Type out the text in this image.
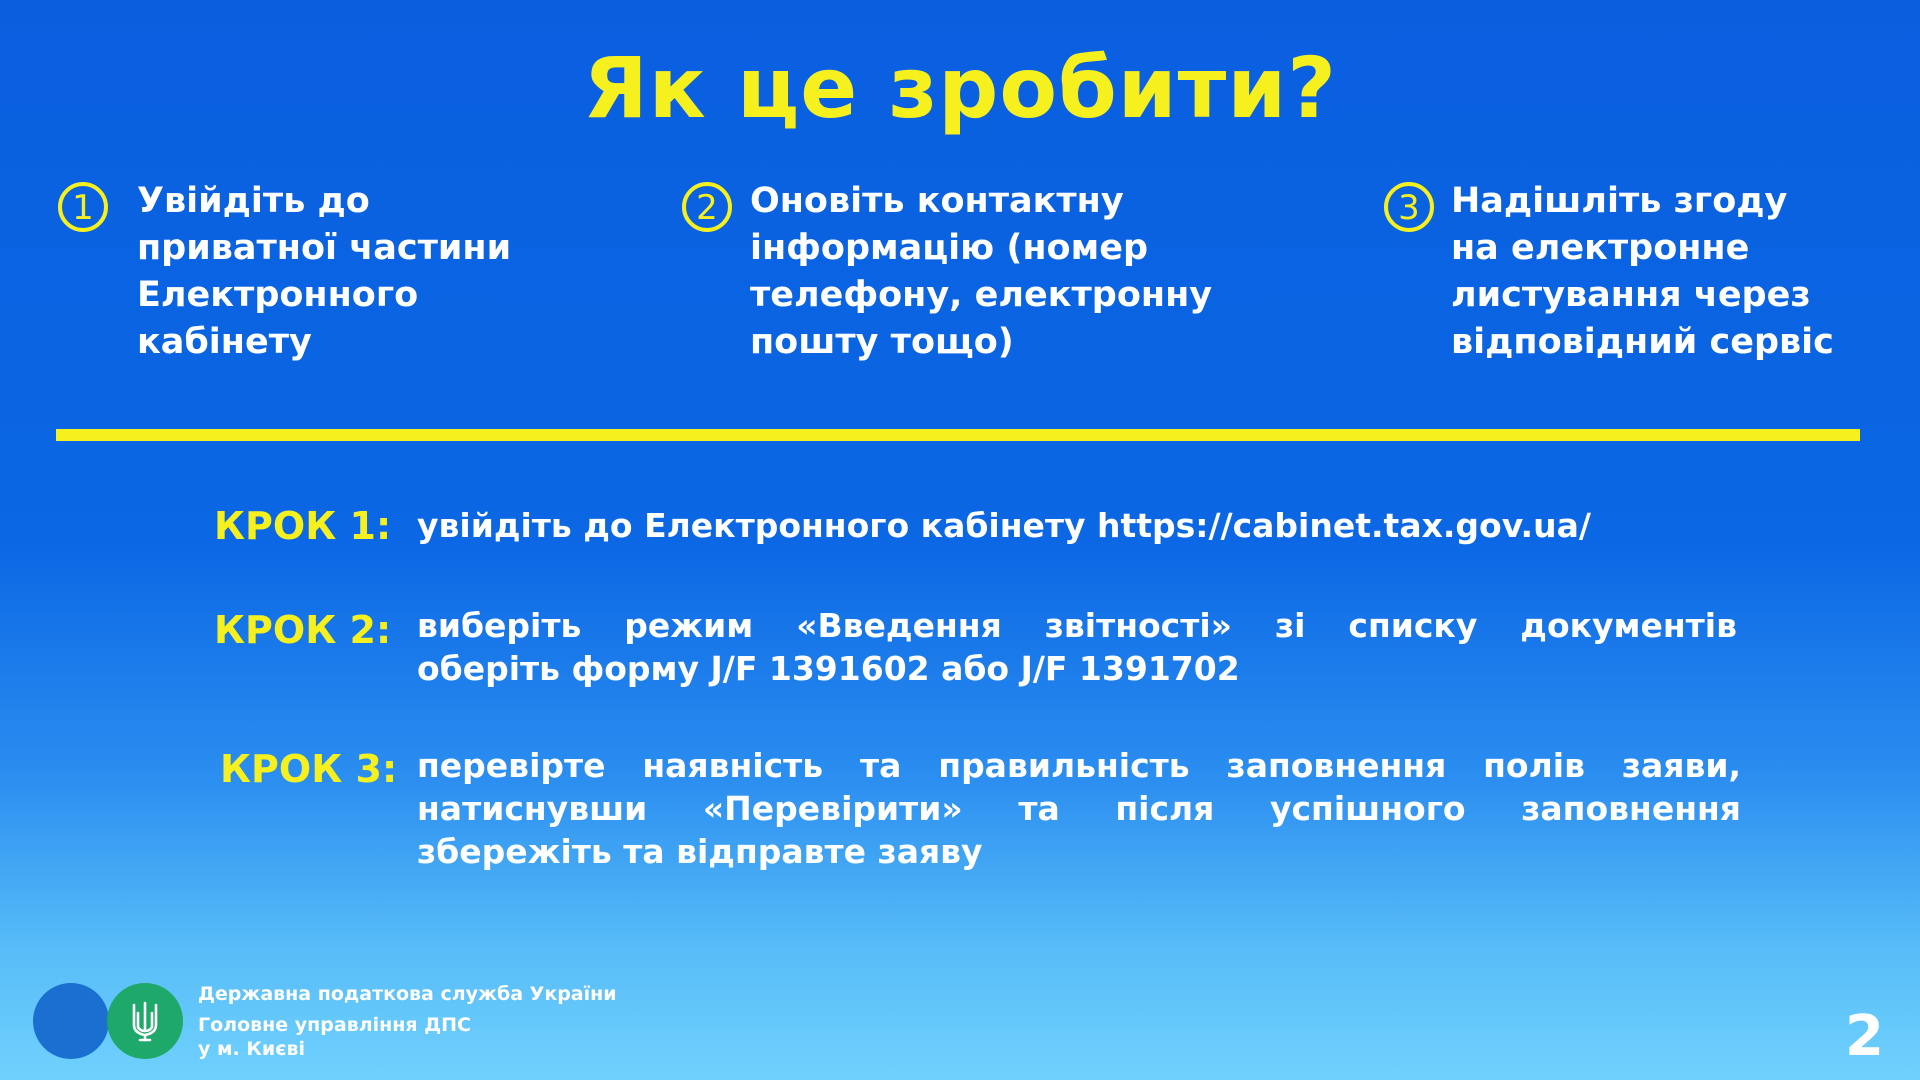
Як це зробити?
1	Увійдіть до
приватної частини
Електронного
кабінету
2 Оновіть контактну
інформацію (номер
телефону, електронну
пошту тощо)
3 Надішліть згоду
на електронне
листування через
відповідний сервіс
КРОК 1: увійдіть до Електронного кабінету https://cabinet.tax.gov.ua/
КРОК 2: виберіть режим «Введення звітності» зі списку документів
оберіть форму J/F 1391602 або J/F 1391702
КРОК 3: перевірте наявність та правильність заповнення полів заяви,
натиснувши «Перевірити» та після успішного заповнення
збережіть та відправте заяву
Державна податкова служба України
Головне управління ДПС
у м. Києві	2
